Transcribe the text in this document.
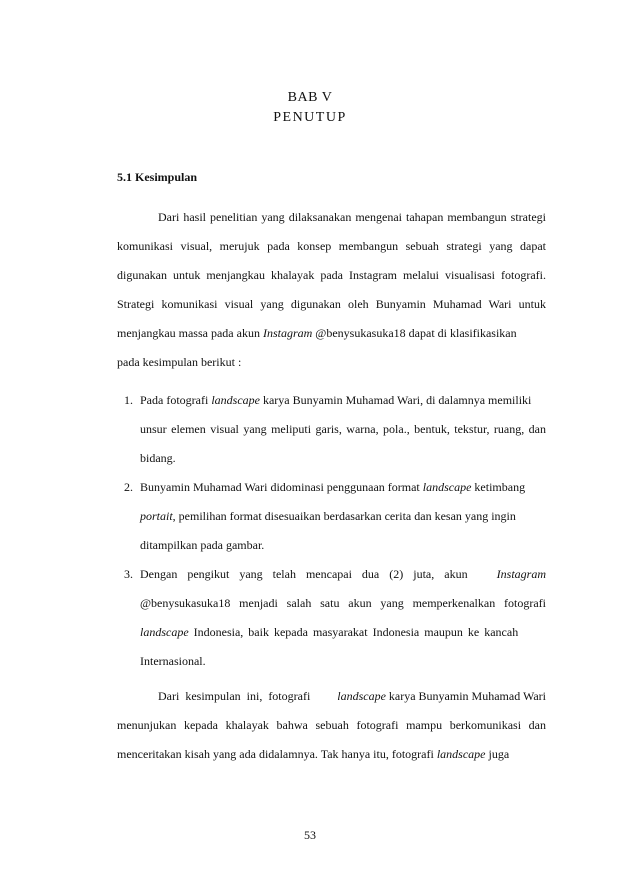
BAB V
PENUTUP
5.1 Kesimpulan
Dari hasil penelitian yang dilaksanakan mengenai tahapan membangun strategi
komunikasi visual, merujuk pada konsep membangun sebuah strategi yang dapat
digunakan untuk menjangkau khalayak pada Instagram melalui visualisasi fotografi.
Strategi komunikasi visual yang digunakan oleh Bunyamin Muhamad Wari untuk
menjangkau massa pada akun Instagram @benysukasuka18 dapat di klasifikasikan
pada kesimpulan berikut :
1. Pada fotografi landscape karya Bunyamin Muhamad Wari, di dalamnya memiliki
unsur elemen visual yang meliputi garis, warna, pola., bentuk, tekstur, ruang, dan
bidang.
2. Bunyamin Muhamad Wari didominasi penggunaan format landscape ketimbang
portait, pemilihan format disesuaikan berdasarkan cerita dan kesan yang ingin
ditampilkan pada gambar.
3. Dengan pengikut yang telah mencapai dua (2) juta, akun Instagram
@benysukasuka18 menjadi salah satu akun yang memperkenalkan fotografi
landscape Indonesia, baik kepada masyarakat Indonesia maupun ke kancah
Internasional.
Dari kesimpulan ini, fotografi landscape karya Bunyamin Muhamad Wari
menunjukan kepada khalayak bahwa sebuah fotografi mampu berkomunikasi dan
menceritakan kisah yang ada didalamnya. Tak hanya itu, fotografi landscape juga
53
